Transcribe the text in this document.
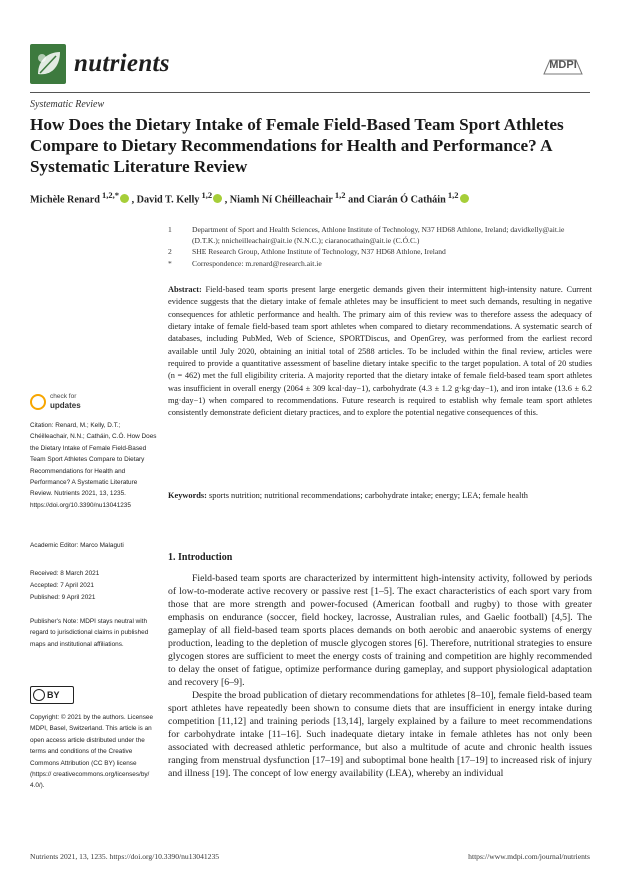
nutrients	MDPI
Systematic Review
How Does the Dietary Intake of Female Field-Based Team Sport Athletes Compare to Dietary Recommendations for Health and Performance? A Systematic Literature Review
Michèle Renard $^{1,2,*}$ , David T. Kelly $^{1,2}$ , Niamh Ní Chéilleachair $^{1,2}$ and Ciarán Ó Catháin $^{1,2}$
1	Department of Sport and Health Sciences, Athlone Institute of Technology, N37 HD68 Athlone, Ireland; davidkelly@ait.ie (D.T.K.); nnicheilleachair@ait.ie (N.N.C.); ciaranocathain@ait.ie (C.Ó.C.)
2	SHE Research Group, Athlone Institute of Technology, N37 HD68 Athlone, Ireland
*	Correspondence: m.renard@research.ait.ie
Abstract: Field-based team sports present large energetic demands given their intermittent high-intensity nature. Current evidence suggests that the dietary intake of female athletes may be insufficient to meet such demands, resulting in negative consequences for athletic performance and health. The primary aim of this review was to therefore assess the adequacy of dietary intake of female field-based team sport athletes when compared to dietary recommendations. A systematic search of databases, including PubMed, Web of Science, SPORTDiscus, and OpenGrey, was performed from the earliest record available until July 2020, obtaining an initial total of 2588 articles. To be included within the final review, articles were required to provide a quantitative assessment of baseline dietary intake specific to the target population. A total of 20 studies (n = 462) met the full eligibility criteria. A majority reported that the dietary intake of female field-based team sport athletes was insufficient in overall energy (2064 ± 309 kcal·day−1), carbohydrate (4.3 ± 1.2 g·kg·day−1), and iron intake (13.6 ± 6.2 mg·day−1) when compared to recommendations. Future research is required to establish why female team sport athletes consistently demonstrate deficient dietary practices, and to explore the potential negative consequences of this.
Keywords: sports nutrition; nutritional recommendations; carbohydrate intake; energy; LEA; female health
check for
updates
Citation: Renard, M.; Kelly, D.T.; Chéilleachair, N.N.; Catháin, C.Ó. How Does the Dietary Intake of Female Field-Based Team Sport Athletes Compare to Dietary Recommendations for Health and Performance? A Systematic Literature Review. Nutrients 2021, 13, 1235. https://doi.org/10.3390/nu13041235
Academic Editor: Marco Malaguti
Received: 8 March 2021
Accepted: 7 April 2021
Published: 9 April 2021
Publisher's Note: MDPI stays neutral with regard to jurisdictional claims in published maps and institutional affiliations.
BY
Copyright: © 2021 by the authors. Licensee MDPI, Basel, Switzerland. This article is an open access article distributed under the terms and conditions of the Creative Commons Attribution (CC BY) license (https:// creativecommons.org/licenses/by/ 4.0/).
1. Introduction

Field-based team sports are characterized by intermittent high-intensity activity, followed by periods of low-to-moderate active recovery or passive rest [1–5]. The exact characteristics of each sport vary from those that are more strength and power-focused (American football and rugby) to those with greater emphasis on endurance (soccer, field hockey, lacrosse, Australian rules, and Gaelic football) [4,5]. The gameplay of all field-based team sports places demands on both aerobic and anaerobic systems of energy production, leading to the depletion of muscle glycogen stores [6]. Therefore, nutritional strategies to ensure glycogen stores are sufficient to meet the energy costs of training and competition are highly recommended to delay the onset of fatigue, optimize performance during gameplay, and support physiological adaptation and recovery [6–9].

Despite the broad publication of dietary recommendations for athletes [8–10], female field-based team sport athletes have repeatedly been shown to consume diets that are insufficient in energy intake during competition [11,12] and training periods [13,14], largely explained by a failure to meet recommendations for carbohydrate intake [11–16]. Such inadequate dietary intake in female athletes has not only been associated with decreased athletic performance, but also a multitude of acute and chronic health issues ranging from menstrual dysfunction [17–19] and suboptimal bone health [17–19] to increased risk of injury and illness [19]. The concept of low energy availability (LEA), whereby an individual

Nutrients 2021, 13, 1235. https://doi.org/10.3390/nu13041235	https://www.mdpi.com/journal/nutrients
